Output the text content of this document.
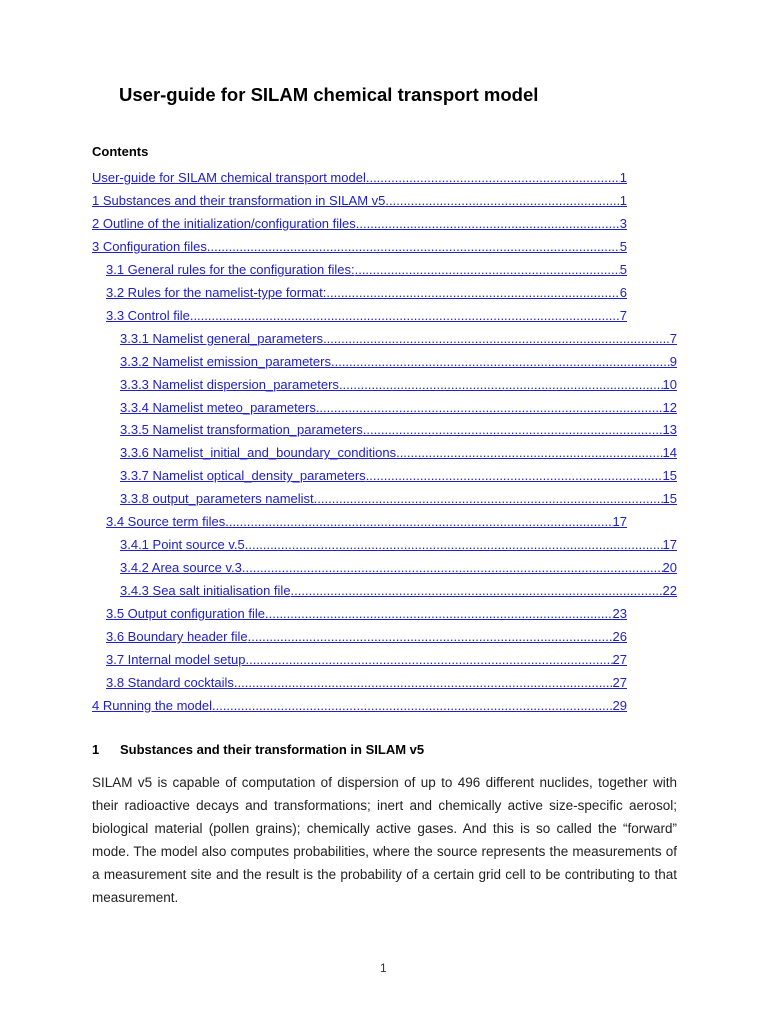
User-guide for SILAM chemical transport model
Contents
User-guide for SILAM chemical transport model .....	1
1 Substances and their transformation in SILAM v5 .....	1
2 Outline of the initialization/configuration files .....	3
3 Configuration files .....	5
3.1 General rules for the configuration files: .....	5
3.2 Rules for the namelist-type format: .....	6
3.3 Control file .....	7
3.3.1 Namelist general_parameters .....	7
3.3.2 Namelist emission_parameters .....	9
3.3.3 Namelist dispersion_parameters .....	10
3.3.4 Namelist meteo_parameters .....	12
3.3.5 Namelist transformation_parameters .....	13
3.3.6 Namelist_initial_and_boundary_conditions .....	14
3.3.7 Namelist optical_density_parameters .....	15
3.3.8 output_parameters namelist. .....	15
3.4 Source term files .....	17
3.4.1 Point source v.5 .....	17
3.4.2 Area source v.3 .....	20
3.4.3 Sea salt initialisation file .....	22
3.5 Output configuration file .....	23
3.6 Boundary header file .....	26
3.7 Internal model setup .....	27
3.8 Standard cocktails .....	27
4 Running the model .....	29
1	Substances and their transformation in SILAM v5

SILAM v5 is capable of computation of dispersion of up to 496 different nuclides, together with their radioactive decays and transformations; inert and chemically active size-specific aerosol; biological material (pollen grains); chemically active gases. And this is so called the “forward” mode. The model also computes probabilities, where the source represents the measurements of a measurement site and the result is the probability of a certain grid cell to be contributing to that measurement.

1
